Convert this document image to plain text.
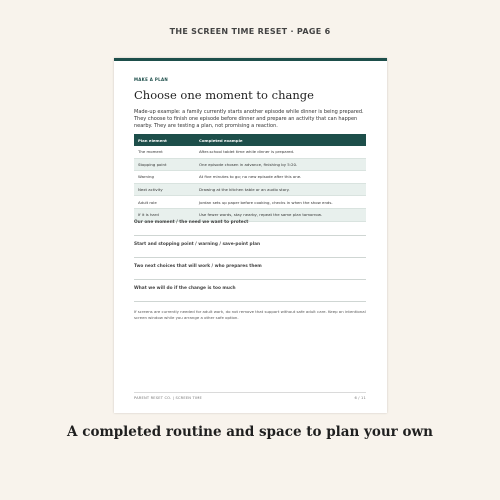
THE SCREEN TIME RESET · PAGE 6
MAKE A PLAN
Choose one moment to change

Made-up example: a family currently starts another episode while dinner is being prepared. They choose to finish one episode before dinner and prepare an activity that can happen nearby. They are testing a plan, not promising a reaction.

Plan element	Completed example
The moment	After-school tablet time while dinner is prepared.
Stopping point	One episode chosen in advance, finishing by 5:20.
Warning	At five minutes to go; no new episode after this one.
Next activity	Drawing at the kitchen table or an audio story.
Adult role	Jordan sets up paper before cooking, checks in when the show ends.
If it is hard	Use fewer words, stay nearby, repeat the same plan tomorrow.
Our one moment / the need we want to protect
Start and stopping point / warning / save-point plan
Two next choices that will work / who prepares them
What we will do if the change is too much

If screens are currently needed for adult work, do not remove that support without safe adult care. Keep an intentional screen window while you arrange a other safe option.

PARENT RESET CO. | SCREEN TIME	6 / 11
A completed routine and space to plan your own
